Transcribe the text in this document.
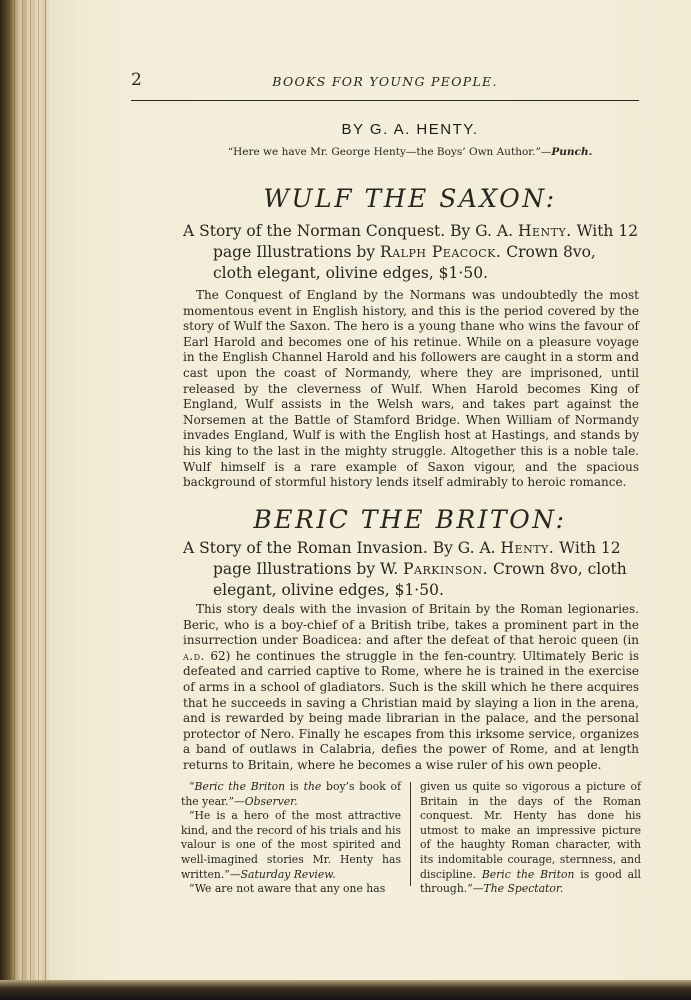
2	BOOKS FOR YOUNG PEOPLE.
BY G. A. HENTY.
“Here we have Mr. George Henty—the Boys’ Own Author.”—Punch.
WULF THE SAXON:

A Story of the Norman Conquest. By G. A. Henty. With 12 page Illustrations by Ralph Peacock. Crown 8vo, cloth elegant, olivine edges, $1·50.

The Conquest of England by the Normans was undoubtedly the most momentous event in English history, and this is the period covered by the story of Wulf the Saxon. The hero is a young thane who wins the favour of Earl Harold and becomes one of his retinue. While on a pleasure voyage in the English Channel Harold and his followers are caught in a storm and cast upon the coast of Normandy, where they are imprisoned, until released by the cleverness of Wulf. When Harold becomes King of England, Wulf assists in the Welsh wars, and takes part against the Norsemen at the Battle of Stamford Bridge. When William of Normandy invades England, Wulf is with the English host at Hastings, and stands by his king to the last in the mighty struggle. Altogether this is a noble tale. Wulf himself is a rare example of Saxon vigour, and the spacious background of stormful history lends itself admirably to heroic romance.

BERIC THE BRITON:

A Story of the Roman Invasion. By G. A. Henty. With 12 page Illustrations by W. Parkinson. Crown 8vo, cloth elegant, olivine edges, $1·50.

This story deals with the invasion of Britain by the Roman legionaries. Beric, who is a boy-chief of a British tribe, takes a prominent part in the insurrection under Boadicea: and after the defeat of that heroic queen (in a.d. 62) he continues the struggle in the fen-country. Ultimately Beric is defeated and carried captive to Rome, where he is trained in the exercise of arms in a school of gladiators. Such is the skill which he there acquires that he succeeds in saving a Christian maid by slaying a lion in the arena, and is rewarded by being made librarian in the palace, and the personal protector of Nero. Finally he escapes from this irksome service, organizes a band of outlaws in Calabria, defies the power of Rome, and at length returns to Britain, where he becomes a wise ruler of his own people.

“Beric the Briton is the boy’s book of the year.”—Observer.

“He is a hero of the most attractive kind, and the record of his trials and his valour is one of the most spirited and well-imagined stories Mr. Henty has written.”—Saturday Review.

“We are not aware that any one has

given us quite so vigorous a picture of Britain in the days of the Roman conquest. Mr. Henty has done his utmost to make an impressive picture of the haughty Roman character, with its indomitable courage, sternness, and discipline. Beric the Briton is good all through.”—The Spectator.
